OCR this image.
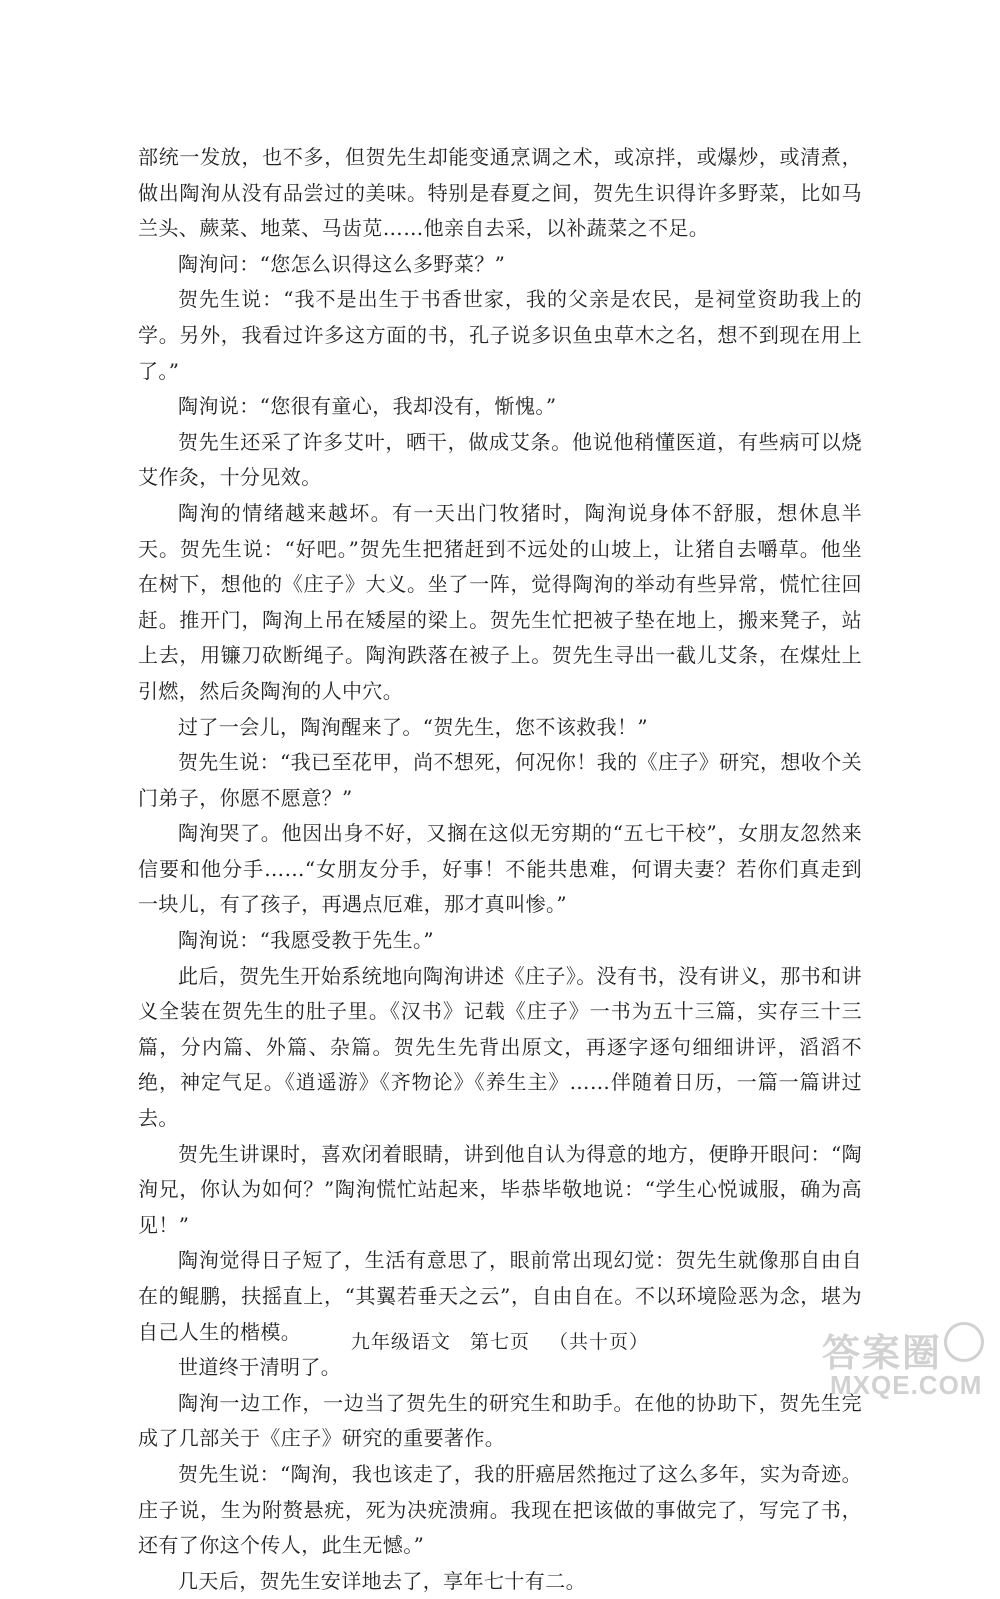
部统一发放，也不多，但贺先生却能变通烹调之术，或凉拌，或爆炒，或清煮，做出陶洵从没有品尝过的美味。特别是春夏之间，贺先生识得许多野菜，比如马兰头、蕨菜、地菜、马齿苋……他亲自去采，以补蔬菜之不足。

陶洵问：“您怎么识得这么多野菜？”

贺先生说：“我不是出生于书香世家，我的父亲是农民，是祠堂资助我上的学。另外，我看过许多这方面的书，孔子说多识鱼虫草木之名，想不到现在用上了。”

陶洵说：“您很有童心，我却没有，惭愧。”

贺先生还采了许多艾叶，晒干，做成艾条。他说他稍懂医道，有些病可以烧艾作灸，十分见效。

陶洵的情绪越来越坏。有一天出门牧猪时，陶洵说身体不舒服，想休息半天。贺先生说：“好吧。”贺先生把猪赶到不远处的山坡上，让猪自去嚼草。他坐在树下，想他的《庄子》大义。坐了一阵，觉得陶洵的举动有些异常，慌忙往回赶。推开门，陶洵上吊在矮屋的梁上。贺先生忙把被子垫在地上，搬来凳子，站上去，用镰刀砍断绳子。陶洵跌落在被子上。贺先生寻出一截儿艾条，在煤灶上引燃，然后灸陶洵的人中穴。

过了一会儿，陶洵醒来了。“贺先生，您不该救我！”

贺先生说：“我已至花甲，尚不想死，何况你！我的《庄子》研究，想收个关门弟子，你愿不愿意？”

陶洵哭了。他因出身不好，又搁在这似无穷期的“五七干校”，女朋友忽然来信要和他分手……“女朋友分手，好事！不能共患难，何谓夫妻？若你们真走到一块儿，有了孩子，再遇点厄难，那才真叫惨。”

陶洵说：“我愿受教于先生。”

此后，贺先生开始系统地向陶洵讲述《庄子》。没有书，没有讲义，那书和讲义全装在贺先生的肚子里。《汉书》记载《庄子》一书为五十三篇，实存三十三篇，分内篇、外篇、杂篇。贺先生先背出原文，再逐字逐句细细讲评，滔滔不绝，神定气足。《逍遥游》《齐物论》《养生主》……伴随着日历，一篇一篇讲过去。

贺先生讲课时，喜欢闭着眼睛，讲到他自认为得意的地方，便睁开眼问：“陶洵兄，你认为如何？”陶洵慌忙站起来，毕恭毕敬地说：“学生心悦诚服，确为高见！”

陶洵觉得日子短了，生活有意思了，眼前常出现幻觉：贺先生就像那自由自在的鲲鹏，扶摇直上，“其翼若垂天之云”，自由自在。不以环境险恶为念，堪为自己人生的楷模。

世道终于清明了。

陶洵一边工作，一边当了贺先生的研究生和助手。在他的协助下，贺先生完成了几部关于《庄子》研究的重要著作。

贺先生说：“陶洵，我也该走了，我的肝癌居然拖过了这么多年，实为奇迹。庄子说，生为附赘悬疣，死为决疣溃痈。我现在把该做的事做完了，写完了书，还有了你这个传人，此生无憾。”

几天后，贺先生安详地去了，享年七十有二。

九年级语文 第七页 （共十页）	答案圈
MXQE.COM
